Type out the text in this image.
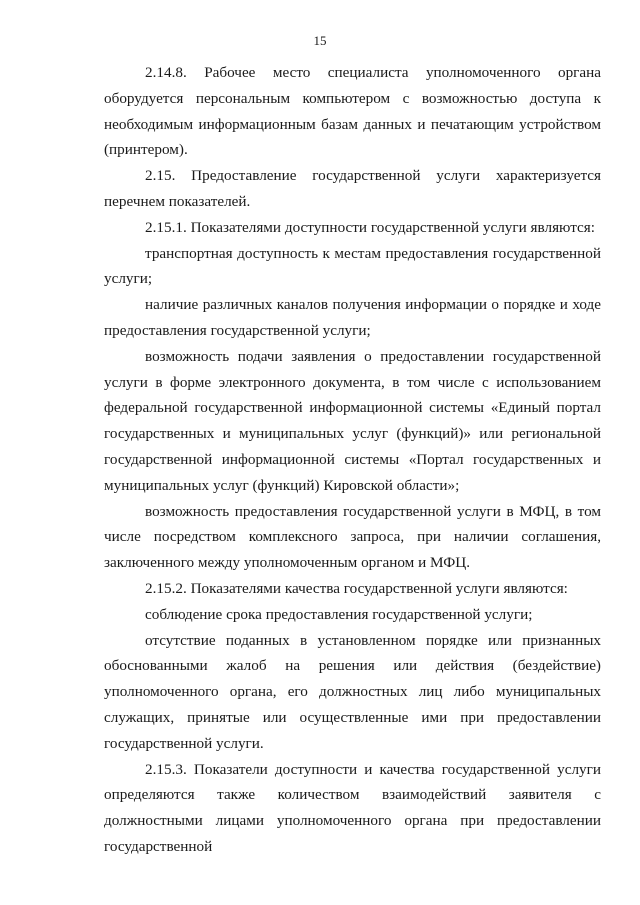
15

2.14.8. Рабочее место специалиста уполномоченного органа оборудуется персональным компьютером с возможностью доступа к необходимым информационным базам данных и печатающим устройством (принтером).

2.15. Предоставление государственной услуги характеризуется перечнем показателей.

2.15.1. Показателями доступности государственной услуги являются:

транспортная доступность к местам предоставления государственной услуги;

наличие различных каналов получения информации о порядке и ходе предоставления государственной услуги;

возможность подачи заявления о предоставлении государственной услуги в форме электронного документа, в том числе с использованием федеральной государственной информационной системы «Единый портал государственных и муниципальных услуг (функций)» или региональной государственной информационной системы «Портал государственных и муниципальных услуг (функций) Кировской области»;

возможность предоставления государственной услуги в МФЦ, в том числе посредством комплексного запроса, при наличии соглашения, заключенного между уполномоченным органом и МФЦ.

2.15.2. Показателями качества государственной услуги являются:

соблюдение срока предоставления государственной услуги;

отсутствие поданных в установленном порядке или признанных обоснованными жалоб на решения или действия (бездействие) уполномоченного органа, его должностных лиц либо муниципальных служащих, принятые или осуществленные ими при предоставлении государственной услуги.

2.15.3. Показатели доступности и качества государственной услуги определяются также количеством взаимодействий заявителя с должностными лицами уполномоченного органа при предоставлении государственной
